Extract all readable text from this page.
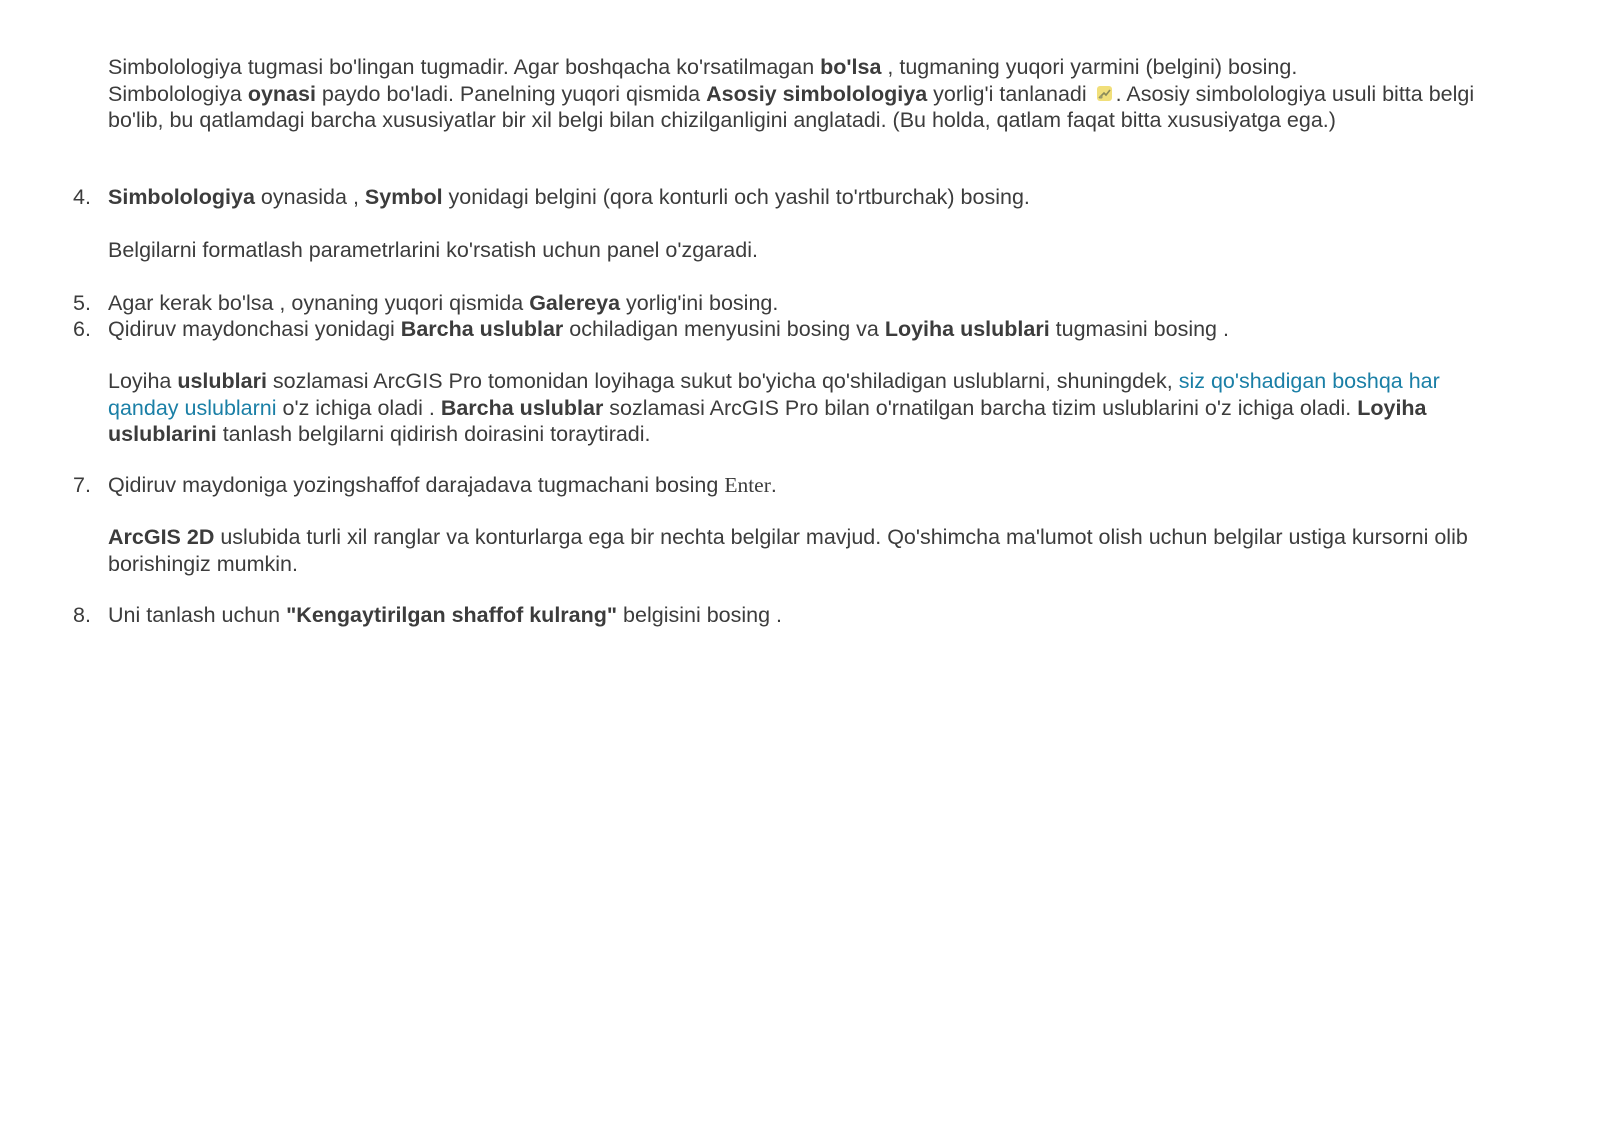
Simbolologiya tugmasi bo'lingan tugmadir. Agar boshqacha ko'rsatilmagan bo'lsa , tugmaning yuqori yarmini (belgini) bosing.
Simbolologiya oynasi paydo bo'ladi. Panelning yuqori qismida Asosiy simbolologiya yorlig'i tanlanadi . Asosiy simbolologiya usuli bitta belgi bo'lib, bu qatlamdagi barcha xususiyatlar bir xil belgi bilan chizilganligini anglatadi. (Bu holda, qatlam faqat bitta xususiyatga ega.)

4. Simbolologiya oynasida , Symbol yonidagi belgini (qora konturli och yashil to'rtburchak) bosing.

Belgilarni formatlash parametrlarini ko'rsatish uchun panel o'zgaradi.

5. Agar kerak bo'lsa , oynaning yuqori qismida Galereya yorlig'ini bosing.

6. Qidiruv maydonchasi yonidagi Barcha uslublar ochiladigan menyusini bosing va Loyiha uslublari tugmasini bosing .

Loyiha uslublari sozlamasi ArcGIS Pro tomonidan loyihaga sukut bo'yicha qo'shiladigan uslublarni, shuningdek, siz qo'shadigan boshqa har qanday uslublarni o'z ichiga oladi . Barcha uslublar sozlamasi ArcGIS Pro bilan o'rnatilgan barcha tizim uslublarini o'z ichiga oladi. Loyiha uslublarini tanlash belgilarni qidirish doirasini toraytiradi.

7. Qidiruv maydoniga yozingshaffof darajadava tugmachani bosing Enter.

ArcGIS 2D uslubida turli xil ranglar va konturlarga ega bir nechta belgilar mavjud. Qo'shimcha ma'lumot olish uchun belgilar ustiga kursorni olib borishingiz mumkin.

8. Uni tanlash uchun "Kengaytirilgan shaffof kulrang" belgisini bosing .
